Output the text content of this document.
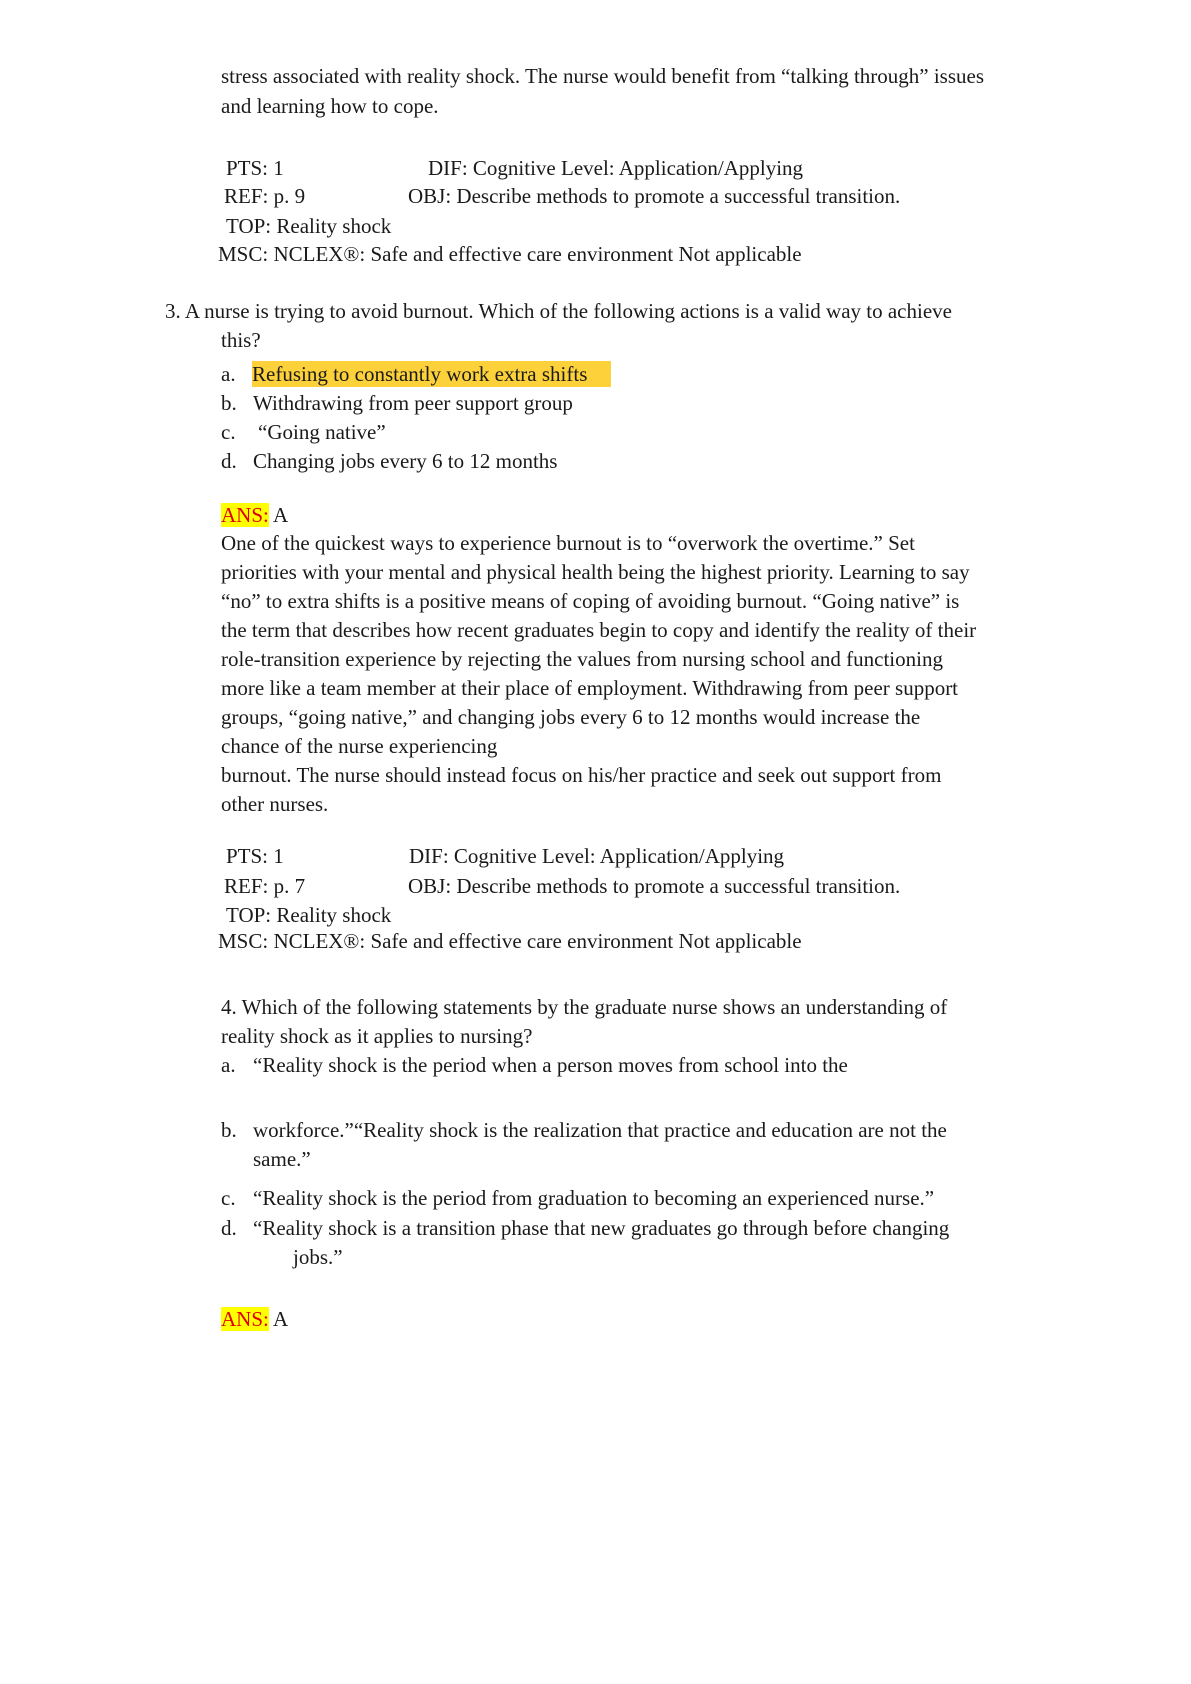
stress associated with reality shock. The nurse would benefit from “talking through” issues
and learning how to cope.
PTS: 1	DIF: Cognitive Level: Application/Applying
REF: p. 9	OBJ: Describe methods to promote a successful transition.
TOP: Reality shock
MSC: NCLEX®: Safe and effective care environment Not applicable
3. A nurse is trying to avoid burnout. Which of the following actions is a valid way to achieve
this?
a. Refusing to constantly work extra shifts
b. Withdrawing from peer support group
c. “Going native”
d. Changing jobs every 6 to 12 months
ANS: A
One of the quickest ways to experience burnout is to “overwork the overtime.” Set
priorities with your mental and physical health being the highest priority. Learning to say
“no” to extra shifts is a positive means of coping of avoiding burnout. “Going native” is
the term that describes how recent graduates begin to copy and identify the reality of their
role-transition experience by rejecting the values from nursing school and functioning
more like a team member at their place of employment. Withdrawing from peer support
groups, “going native,” and changing jobs every 6 to 12 months would increase the
chance of the nurse experiencing
burnout. The nurse should instead focus on his/her practice and seek out support from
other nurses.
PTS: 1	DIF: Cognitive Level: Application/Applying
REF: p. 7	OBJ: Describe methods to promote a successful transition.
TOP: Reality shock
MSC: NCLEX®: Safe and effective care environment Not applicable
4. Which of the following statements by the graduate nurse shows an understanding of
reality shock as it applies to nursing?
a. “Reality shock is the period when a person moves from school into the
b. workforce.”“Reality shock is the realization that practice and education are not the
same.”
c. “Reality shock is the period from graduation to becoming an experienced nurse.”
d. “Reality shock is a transition phase that new graduates go through before changing
jobs.”
ANS: A
